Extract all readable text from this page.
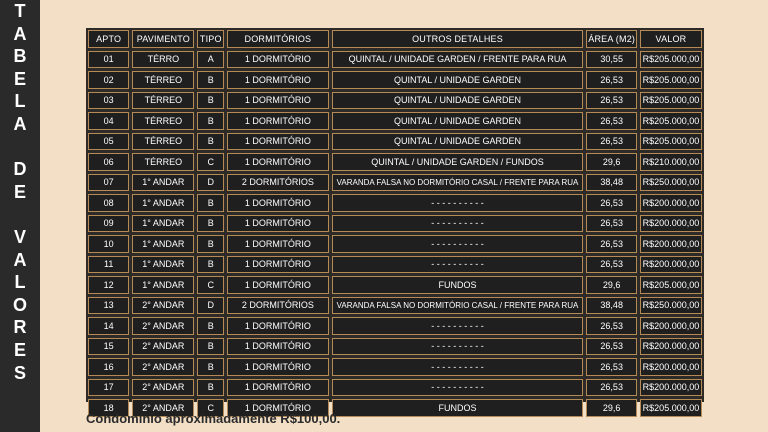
T
A
B
E
L
A
D
E
V
A
L
O
R
E
S
APTO	PAVIMENTO	TIPO	DORMITÓRIOS	OUTROS DETALHES	ÁREA (M2)	VALOR
01	TÉRRO	A	1 DORMITÓRIO	QUINTAL / UNIDADE GARDEN / FRENTE PARA RUA	30,55	R$205.000,00
02	TÉRREO	B	1 DORMITÓRIO	QUINTAL / UNIDADE GARDEN	26,53	R$205.000,00
03	TÉRREO	B	1 DORMITÓRIO	QUINTAL / UNIDADE GARDEN	26,53	R$205.000,00
04	TÉRREO	B	1 DORMITÓRIO	QUINTAL / UNIDADE GARDEN	26,53	R$205.000,00
05	TÉRREO	B	1 DORMITÓRIO	QUINTAL / UNIDADE GARDEN	26,53	R$205.000,00
06	TÉRREO	C	1 DORMITÓRIO	QUINTAL / UNIDADE GARDEN / FUNDOS	29,6	R$210.000,00
07	1° ANDAR	D	2 DORMITÓRIOS	VARANDA FALSA NO DORMITÓRIO CASAL / FRENTE PARA RUA	38,48	R$250.000,00
08	1° ANDAR	B	1 DORMITÓRIO	- - - - - - - - - -	26,53	R$200.000,00
09	1° ANDAR	B	1 DORMITÓRIO	- - - - - - - - - -	26,53	R$200.000,00
10	1° ANDAR	B	1 DORMITÓRIO	- - - - - - - - - -	26,53	R$200.000,00
11	1° ANDAR	B	1 DORMITÓRIO	- - - - - - - - - -	26,53	R$200.000,00
12	1° ANDAR	C	1 DORMITÓRIO	FUNDOS	29,6	R$205.000,00
13	2° ANDAR	D	2 DORMITÓRIOS	VARANDA FALSA NO DORMITÓRIO CASAL / FRENTE PARA RUA	38,48	R$250.000,00
14	2° ANDAR	B	1 DORMITÓRIO	- - - - - - - - - -	26,53	R$200.000,00
15	2° ANDAR	B	1 DORMITÓRIO	- - - - - - - - - -	26,53	R$200.000,00
16	2° ANDAR	B	1 DORMITÓRIO	- - - - - - - - - -	26,53	R$200.000,00
17	2° ANDAR	B	1 DORMITÓRIO	- - - - - - - - - -	26,53	R$200.000,00
18	2° ANDAR	C	1 DORMITÓRIO	FUNDOS	29,6	R$205.000,00
Condomínio aproximadamente R$100,00.
